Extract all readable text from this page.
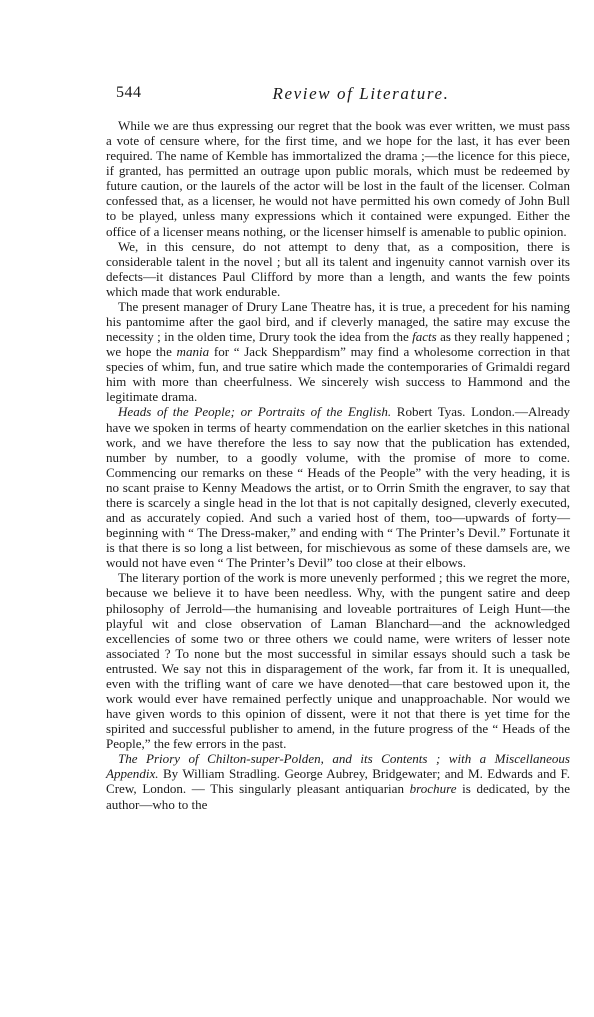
544	Review of Literature.

While we are thus expressing our regret that the book was ever written, we must pass a vote of censure where, for the first time, and we hope for the last, it has ever been required. The name of Kemble has immortalized the drama ;—the licence for this piece, if granted, has permitted an outrage upon public morals, which must be redeemed by future caution, or the laurels of the actor will be lost in the fault of the licenser. Colman confessed that, as a licenser, he would not have permitted his own comedy of John Bull to be played, unless many expressions which it contained were expunged. Either the office of a licenser means nothing, or the licenser himself is amenable to public opinion.

We, in this censure, do not attempt to deny that, as a composition, there is considerable talent in the novel ; but all its talent and ingenuity cannot varnish over its defects—it distances Paul Clifford by more than a length, and wants the few points which made that work endurable.

The present manager of Drury Lane Theatre has, it is true, a precedent for his naming his pantomime after the gaol bird, and if cleverly managed, the satire may excuse the necessity ; in the olden time, Drury took the idea from the facts as they really happened ; we hope the mania for “ Jack Sheppardism” may find a wholesome correction in that species of whim, fun, and true satire which made the contemporaries of Grimaldi regard him with more than cheerfulness. We sincerely wish success to Hammond and the legitimate drama.

Heads of the People; or Portraits of the English. Robert Tyas. London.—Already have we spoken in terms of hearty commendation on the earlier sketches in this national work, and we have therefore the less to say now that the publication has extended, number by number, to a goodly volume, with the promise of more to come. Commencing our remarks on these “ Heads of the People” with the very heading, it is no scant praise to Kenny Meadows the artist, or to Orrin Smith the engraver, to say that there is scarcely a single head in the lot that is not capitally designed, cleverly executed, and as accurately copied. And such a varied host of them, too—upwards of forty—beginning with “ The Dress-maker,” and ending with “ The Printer’s Devil.” Fortunate it is that there is so long a list between, for mischievous as some of these damsels are, we would not have even “ The Printer’s Devil” too close at their elbows.

The literary portion of the work is more unevenly performed ; this we regret the more, because we believe it to have been needless. Why, with the pungent satire and deep philosophy of Jerrold—the humanising and loveable portraitures of Leigh Hunt—the playful wit and close observation of Laman Blanchard—and the acknowledged excellencies of some two or three others we could name, were writers of lesser note associated ? To none but the most successful in similar essays should such a task be entrusted. We say not this in disparagement of the work, far from it. It is unequalled, even with the trifling want of care we have denoted—that care bestowed upon it, the work would ever have remained perfectly unique and unapproachable. Nor would we have given words to this opinion of dissent, were it not that there is yet time for the spirited and successful publisher to amend, in the future progress of the “ Heads of the People,” the few errors in the past.

The Priory of Chilton-super-Polden, and its Contents ; with a Miscellaneous Appendix. By William Stradling. George Aubrey, Bridgewater; and M. Edwards and F. Crew, London. — This singularly pleasant antiquarian brochure is dedicated, by the author—who to the
